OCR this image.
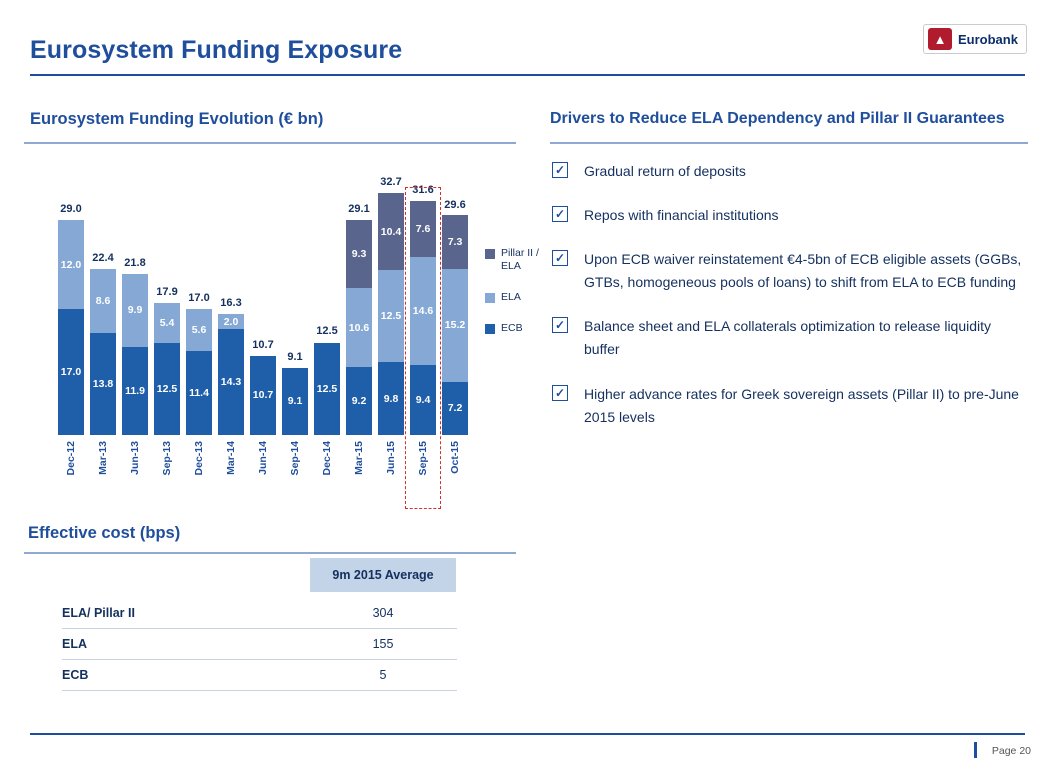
Eurosystem Funding Exposure	▲ Eurobank
Eurosystem Funding Evolution (€ bn)
12.0
17.0
29.0
Dec-12
8.6
13.8
22.4
Mar-13
9.9
11.9
21.8
Jun-13
5.4
12.5
17.9
Sep-13
5.6
11.4
17.0
Dec-13
2.0
14.3
16.3
Mar-14
10.7
10.7
Jun-14
9.1
9.1
Sep-14
12.5
12.5
Dec-14
9.3
10.6
9.2
29.1
Mar-15
10.4
12.5
9.8
32.7
Jun-15
7.6
14.6
9.4
31.6
Sep-15
7.3
15.2
7.2
29.6
Oct-15
Pillar II / ELA
ELA
ECB
Effective cost (bps)
9m 2015 Average
ELA/ Pillar II	304
ELA	155
ECB	5
Drivers to Reduce ELA Dependency and Pillar II Guarantees
✓ Gradual return of deposits
✓ Repos with financial institutions
✓ Upon ECB waiver reinstatement €4-5bn of ECB eligible assets (GGBs, GTBs, homogeneous pools of loans) to shift from ELA to ECB funding
✓ Balance sheet and ELA collaterals optimization to release liquidity buffer
✓ Higher advance rates for Greek sovereign assets (Pillar II) to pre-June 2015 levels
Page 20
